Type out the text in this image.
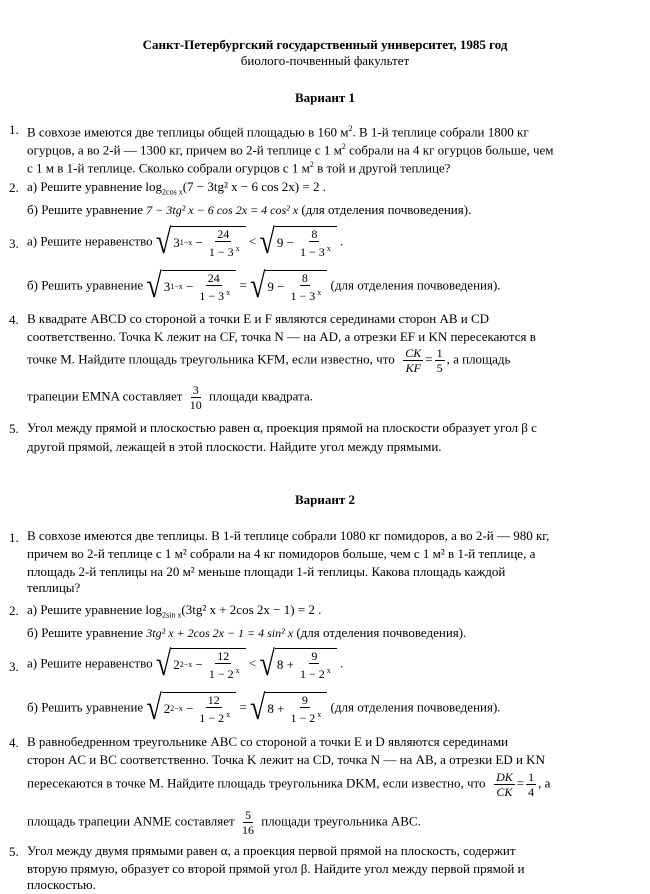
Санкт-Петербургский государственный университет, 1985 год
биолого-почвенный факультет
Вариант 1
1. В совхозе имеются две теплицы общей площадью в 160 $м^2$. В 1-й теплице собрали 1800 кг
огурцов, а во 2-й — 1300 кг, причем во 2-й теплице с 1 $м^2$ собрали на 4 кг огурцов больше, чем
с 1 м в 1-й теплице. Сколько собрали огурцов с 1 $м^2$ в той и другой теплице?
2. а) Решите уравнение $\log_{2cos x}(7 - 3tg^2$ x − 6 cos 2x) = 2 .
б) Решите уравнение 7 − 3tg² x − 6 cos 2x = 4 cos² x (для отделения почвоведения).
3. а) Решите неравенство √ 3 $1-x - \frac{24}{1 - 3 ^x}$ < √ $9 - \frac{8}{1 - 3 ^x}$ .
б) Решить уравнение √ 3 $1-x - \frac{24}{1 - 3 ^x}$ = √ $9 - \frac{8}{1 - 3 ^x} (для$ отделения почвоведения).
4. В квадрате ABCD со стороной a точки E и F являются серединами сторон AB и CD
соответственно. Точка K лежит на CF, точка N — на AD, а отрезки EF и KN пересекаются в
точке M. Найдите площадь треугольника KFM, если известно, что $\frac{CK}{KF} = \frac{1}{5}$ , а площадь
трапеции EMNA составляет $\frac{3}{10}$ площади квадрата.
5. Угол между прямой и плоскостью равен α, проекция прямой на плоскости образует угол β с
другой прямой, лежащей в этой плоскости. Найдите угол между прямыми.
Вариант 2
1. В совхозе имеются две теплицы. В 1-й теплице собрали 1080 кг помидоров, а во 2-й — 980 кг,
причем во 2-й теплице с 1 м² собрали на 4 кг помидоров больше, чем с 1 м² в 1-й теплице, а
площадь 2-й теплицы на 20 м² меньше площади 1-й теплицы. Какова площадь каждой
теплицы?
2. а) Решите уравнение $\log_{2sin x}(3tg^2$ x + 2cos 2x − 1) = 2 .
б) Решите уравнение 3tg² x + 2cos 2x − 1 = 4 sin² x (для отделения почвоведения).
3. а) Решите неравенство √ 2 $2-x - \frac{12}{1 - 2 ^x}$ < √ $8 + \frac{9}{1 - 2 ^x}$ .
б) Решить уравнение √ 2 $2-x - \frac{12}{1 - 2 ^x}$ = √ $8 + \frac{9}{1 - 2 ^x} (для$ отделения почвоведения).
4. В равнобедренном треугольнике ABC со стороной a точки E и D являются серединами
сторон AC и BC соответственно. Точка K лежит на CD, точка N — на AB, а отрезки ED и KN
пересекаются в точке M. Найдите площадь треугольника DKM, если известно, что $\frac{DK}{CK} = \frac{1}{4}$ , а
площадь трапеции ANME составляет $\frac{5}{16}$ площади треугольника ABC.
5. Угол между двумя прямыми равен α, а проекция первой прямой на плоскость, содержит
вторую прямую, образует со второй прямой угол β. Найдите угол между первой прямой и
плоскостью.
